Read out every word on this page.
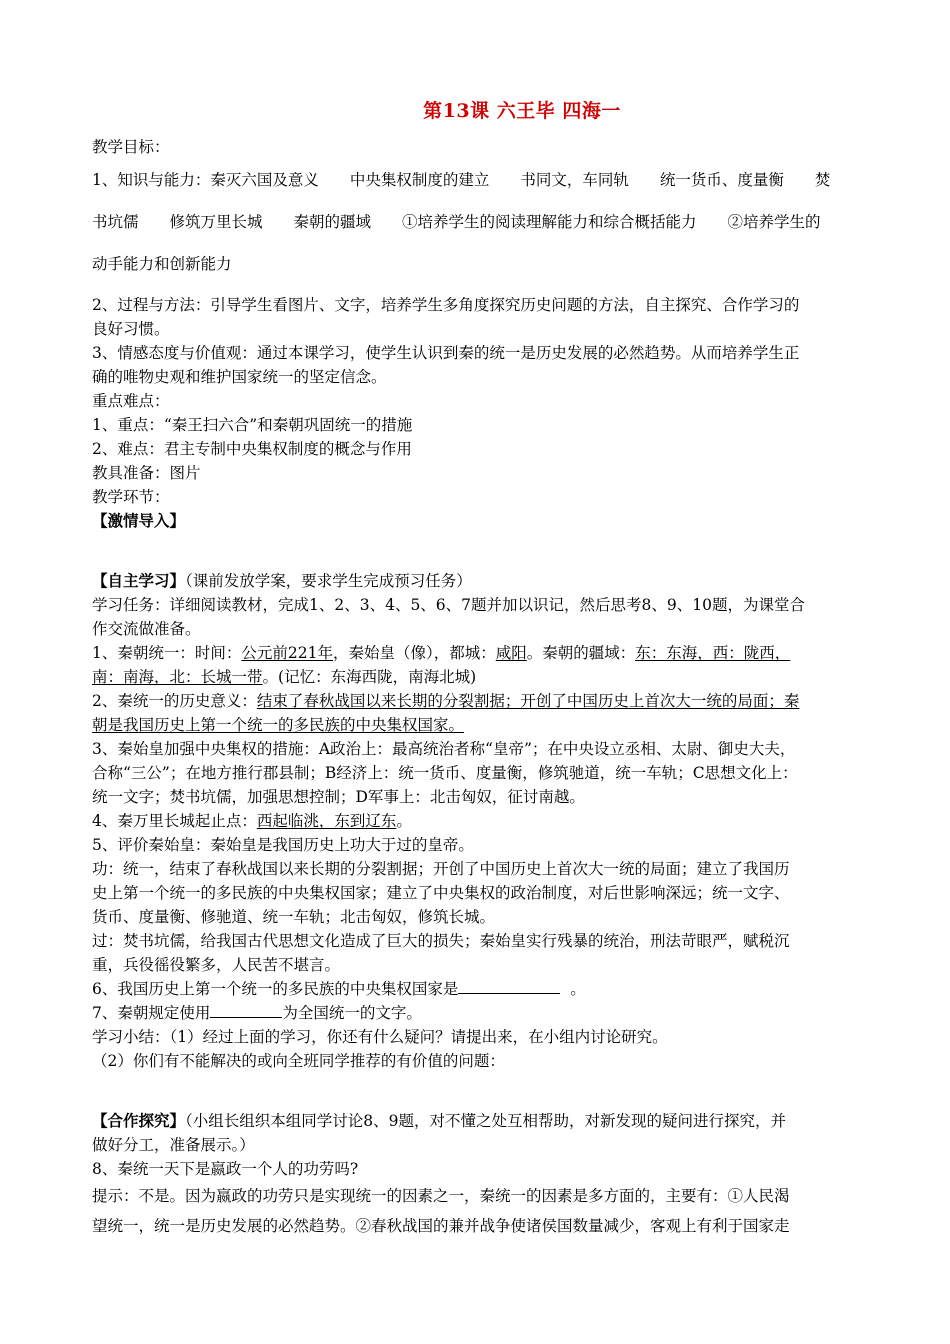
第13课 六王毕 四海一
教学目标：
1、知识与能力：秦灭六国及意义　　中央集权制度的建立　　书同文，车同轨　　统一货币、度量衡　　焚
书坑儒　　修筑万里长城　　秦朝的疆域　　①培养学生的阅读理解能力和综合概括能力　　②培养学生的
动手能力和创新能力
2、过程与方法：引导学生看图片、文字，培养学生多角度探究历史问题的方法，自主探究、合作学习的
良好习惯。
3、情感态度与价值观：通过本课学习，使学生认识到秦的统一是历史发展的必然趋势。从而培养学生正
确的唯物史观和维护国家统一的坚定信念。
重点难点：
1、重点：“秦王扫六合”和秦朝巩固统一的措施
2、难点：君主专制中央集权制度的概念与作用
教具准备：图片
教学环节：
【激情导入】
【自主学习】（课前发放学案，要求学生完成预习任务）
学习任务：详细阅读教材，完成1、2、3、4、5、6、7题并加以识记，然后思考8、9、10题，为课堂合
作交流做准备。
1、秦朝统一：时间：公元前221年，秦始皇（像），都城：咸阳。秦朝的疆域：东：东海，西：陇西，
南：南海，北：长城一带。(记忆：东海西陇，南海北城)
2、秦统一的历史意义：结束了春秋战国以来长期的分裂割据；开创了中国历史上首次大一统的局面；秦
朝是我国历史上第一个统一的多民族的中央集权国家。
3、秦始皇加强中央集权的措施：A政治上：最高统治者称“皇帝”；在中央设立丞相、太尉、御史大夫，
合称“三公”；在地方推行郡县制；B经济上：统一货币、度量衡，修筑驰道，统一车轨；C思想文化上：
统一文字；焚书坑儒，加强思想控制；D军事上：北击匈奴，征讨南越。
4、秦万里长城起止点：西起临洮，东到辽东。
5、评价秦始皇：秦始皇是我国历史上功大于过的皇帝。
功：统一，结束了春秋战国以来长期的分裂割据；开创了中国历史上首次大一统的局面；建立了我国历
史上第一个统一的多民族的中央集权国家；建立了中央集权的政治制度，对后世影响深远；统一文字、
货币、度量衡、修驰道、统一车轨；北击匈奴，修筑长城。
过：焚书坑儒，给我国古代思想文化造成了巨大的损失；秦始皇实行残暴的统治，刑法苛眼严，赋税沉
重，兵役徭役繁多，人民苦不堪言。
6、我国历史上第一个统一的多民族的中央集权国家是	。
7、秦朝规定使用	为全国统一的文字。
学习小结：（1）经过上面的学习，你还有什么疑问？请提出来，在小组内讨论研究。
（2）你们有不能解决的或向全班同学推荐的有价值的问题：
【合作探究】（小组长组织本组同学讨论8、9题，对不懂之处互相帮助，对新发现的疑问进行探究，并
做好分工，准备展示。）
8、秦统一天下是嬴政一个人的功劳吗?
提示：不是。因为嬴政的功劳只是实现统一的因素之一，秦统一的因素是多方面的，主要有：①人民渴
望统一，统一是历史发展的必然趋势。②春秋战国的兼并战争使诸侯国数量减少，客观上有利于国家走
